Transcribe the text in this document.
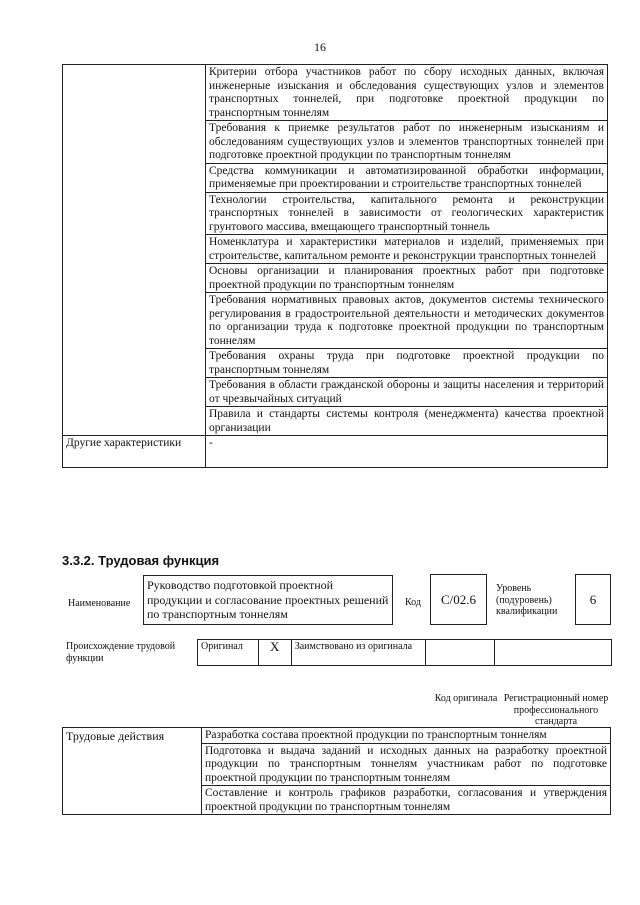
16
	Критерии отбора участников работ по сбору исходных данных, включая инженерные изыскания и обследования существующих узлов и элементов транспортных тоннелей, при подготовке проектной продукции по транспортным тоннелям
	Требования к приемке результатов работ по инженерным изысканиям и обследованиям существующих узлов и элементов транспортных тоннелей при подготовке проектной продукции по транспортным тоннелям
	Средства коммуникации и автоматизированной обработки информации, применяемые при проектировании и строительстве транспортных тоннелей
	Технологии строительства, капитального ремонта и реконструкции транспортных тоннелей в зависимости от геологических характеристик грунтового массива, вмещающего транспортный тоннель
	Номенклатура и характеристики материалов и изделий, применяемых при строительстве, капитальном ремонте и реконструкции транспортных тоннелей
	Основы организации и планирования проектных работ при подготовке проектной продукции по транспортным тоннелям
	Требования нормативных правовых актов, документов системы технического регулирования в градостроительной деятельности и методических документов по организации труда к подготовке проектной продукции по транспортным тоннелям
	Требования охраны труда при подготовке проектной продукции по транспортным тоннелям
	Требования в области гражданской обороны и защиты населения и территорий от чрезвычайных ситуаций
	Правила и стандарты системы контроля (менеджмента) качества проектной организации
Другие характеристики	-
3.3.2. Трудовая функция
Наименование
Руководство подготовкой проектной продукции и согласование проектных решений по транспортным тоннелям
Код	C/02.6
Уровень (подуровень) квалификации
6
Происхождение трудовой функции
Оригинал	X	Заимствовано из оригинала		
Код оригинала Регистрационный номер профессионального стандарта
Трудовые действия	Разработка состава проектной продукции по транспортным тоннелям
Подготовка и выдача заданий и исходных данных на разработку проектной продукции по транспортным тоннелям участникам работ по подготовке проектной продукции по транспортным тоннелям
Составление и контроль графиков разработки, согласования и утверждения проектной продукции по транспортным тоннелям
